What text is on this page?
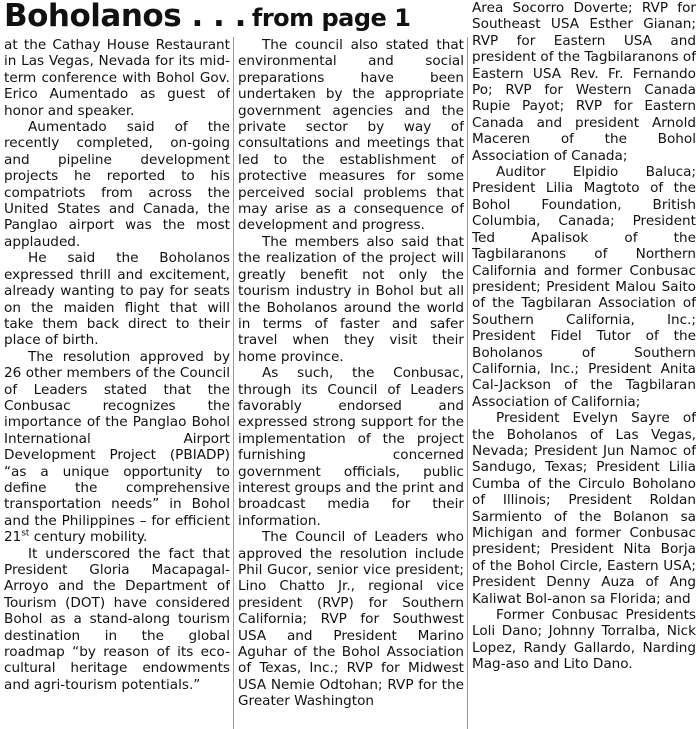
Boholanos . . . from page 1

at the Cathay House Restaurant in Las Vegas, Nevada for its mid-term conference with Bohol Gov. Erico Aumentado as guest of honor and speaker.

Aumentado said of the recently completed, on-going and pipeline development projects he reported to his compatriots from across the United States and Canada, the Panglao airport was the most applauded.

He said the Boholanos expressed thrill and excitement, already wanting to pay for seats on the maiden flight that will take them back direct to their place of birth.

The resolution approved by 26 other members of the Council of Leaders stated that the Conbusac recognizes the importance of the Panglao Bohol International Airport Development Project (PBIADP) “as a unique opportunity to define the comprehensive transportation needs” in Bohol and the Philippines – for efficient 21st century mobility.

It underscored the fact that President Gloria Macapagal-Arroyo and the Department of Tourism (DOT) have considered Bohol as a stand-along tourism destination in the global roadmap “by reason of its eco-cultural heritage endowments and agri-tourism potentials.”

The council also stated that environmental and social preparations have been undertaken by the appropriate government agencies and the private sector by way of consultations and meetings that led to the establishment of protective measures for some perceived social problems that may arise as a consequence of development and progress.

The members also said that the realization of the project will greatly benefit not only the tourism industry in Bohol but all the Boholanos around the world in terms of faster and safer travel when they visit their home province.

As such, the Conbusac, through its Council of Leaders favorably endorsed and expressed strong support for the implementation of the project furnishing concerned government officials, public interest groups and the print and broadcast media for their information.

The Council of Leaders who approved the resolution include Phil Gucor, senior vice president; Lino Chatto Jr., regional vice president (RVP) for Southern California; RVP for Southwest USA and President Marino Aguhar of the Bohol Association of Texas, Inc.; RVP for Midwest USA Nemie Odtohan; RVP for the Greater Washington

Area Socorro Doverte; RVP for Southeast USA Esther Gianan; RVP for Eastern USA and president of the Tagbilaranons of Eastern USA Rev. Fr. Fernando Po; RVP for Western Canada Rupie Payot; RVP for Eastern Canada and president Arnold Maceren of the Bohol Association of Canada;

Auditor Elpidio Baluca; President Lilia Magtoto of the Bohol Foundation, British Columbia, Canada; President Ted Apalisok of the Tagbilaranons of Northern California and former Conbusac president; President Malou Saito of the Tagbilaran Association of Southern California, Inc.; President Fidel Tutor of the Boholanos of Southern California, Inc.; President Anita Cal-Jackson of the Tagbilaran Association of California;

President Evelyn Sayre of the Boholanos of Las Vegas, Nevada; President Jun Namoc of Sandugo, Texas; President Lilia Cumba of the Circulo Boholano of Illinois; President Roldan Sarmiento of the Bolanon sa Michigan and former Conbusac president; President Nita Borja of the Bohol Circle, Eastern USA; President Denny Auza of Ang Kaliwat Bol-anon sa Florida; and

Former Conbusac Presidents Loli Dano; Johnny Torralba, Nick Lopez, Randy Gallardo, Narding Mag-aso and Lito Dano.
